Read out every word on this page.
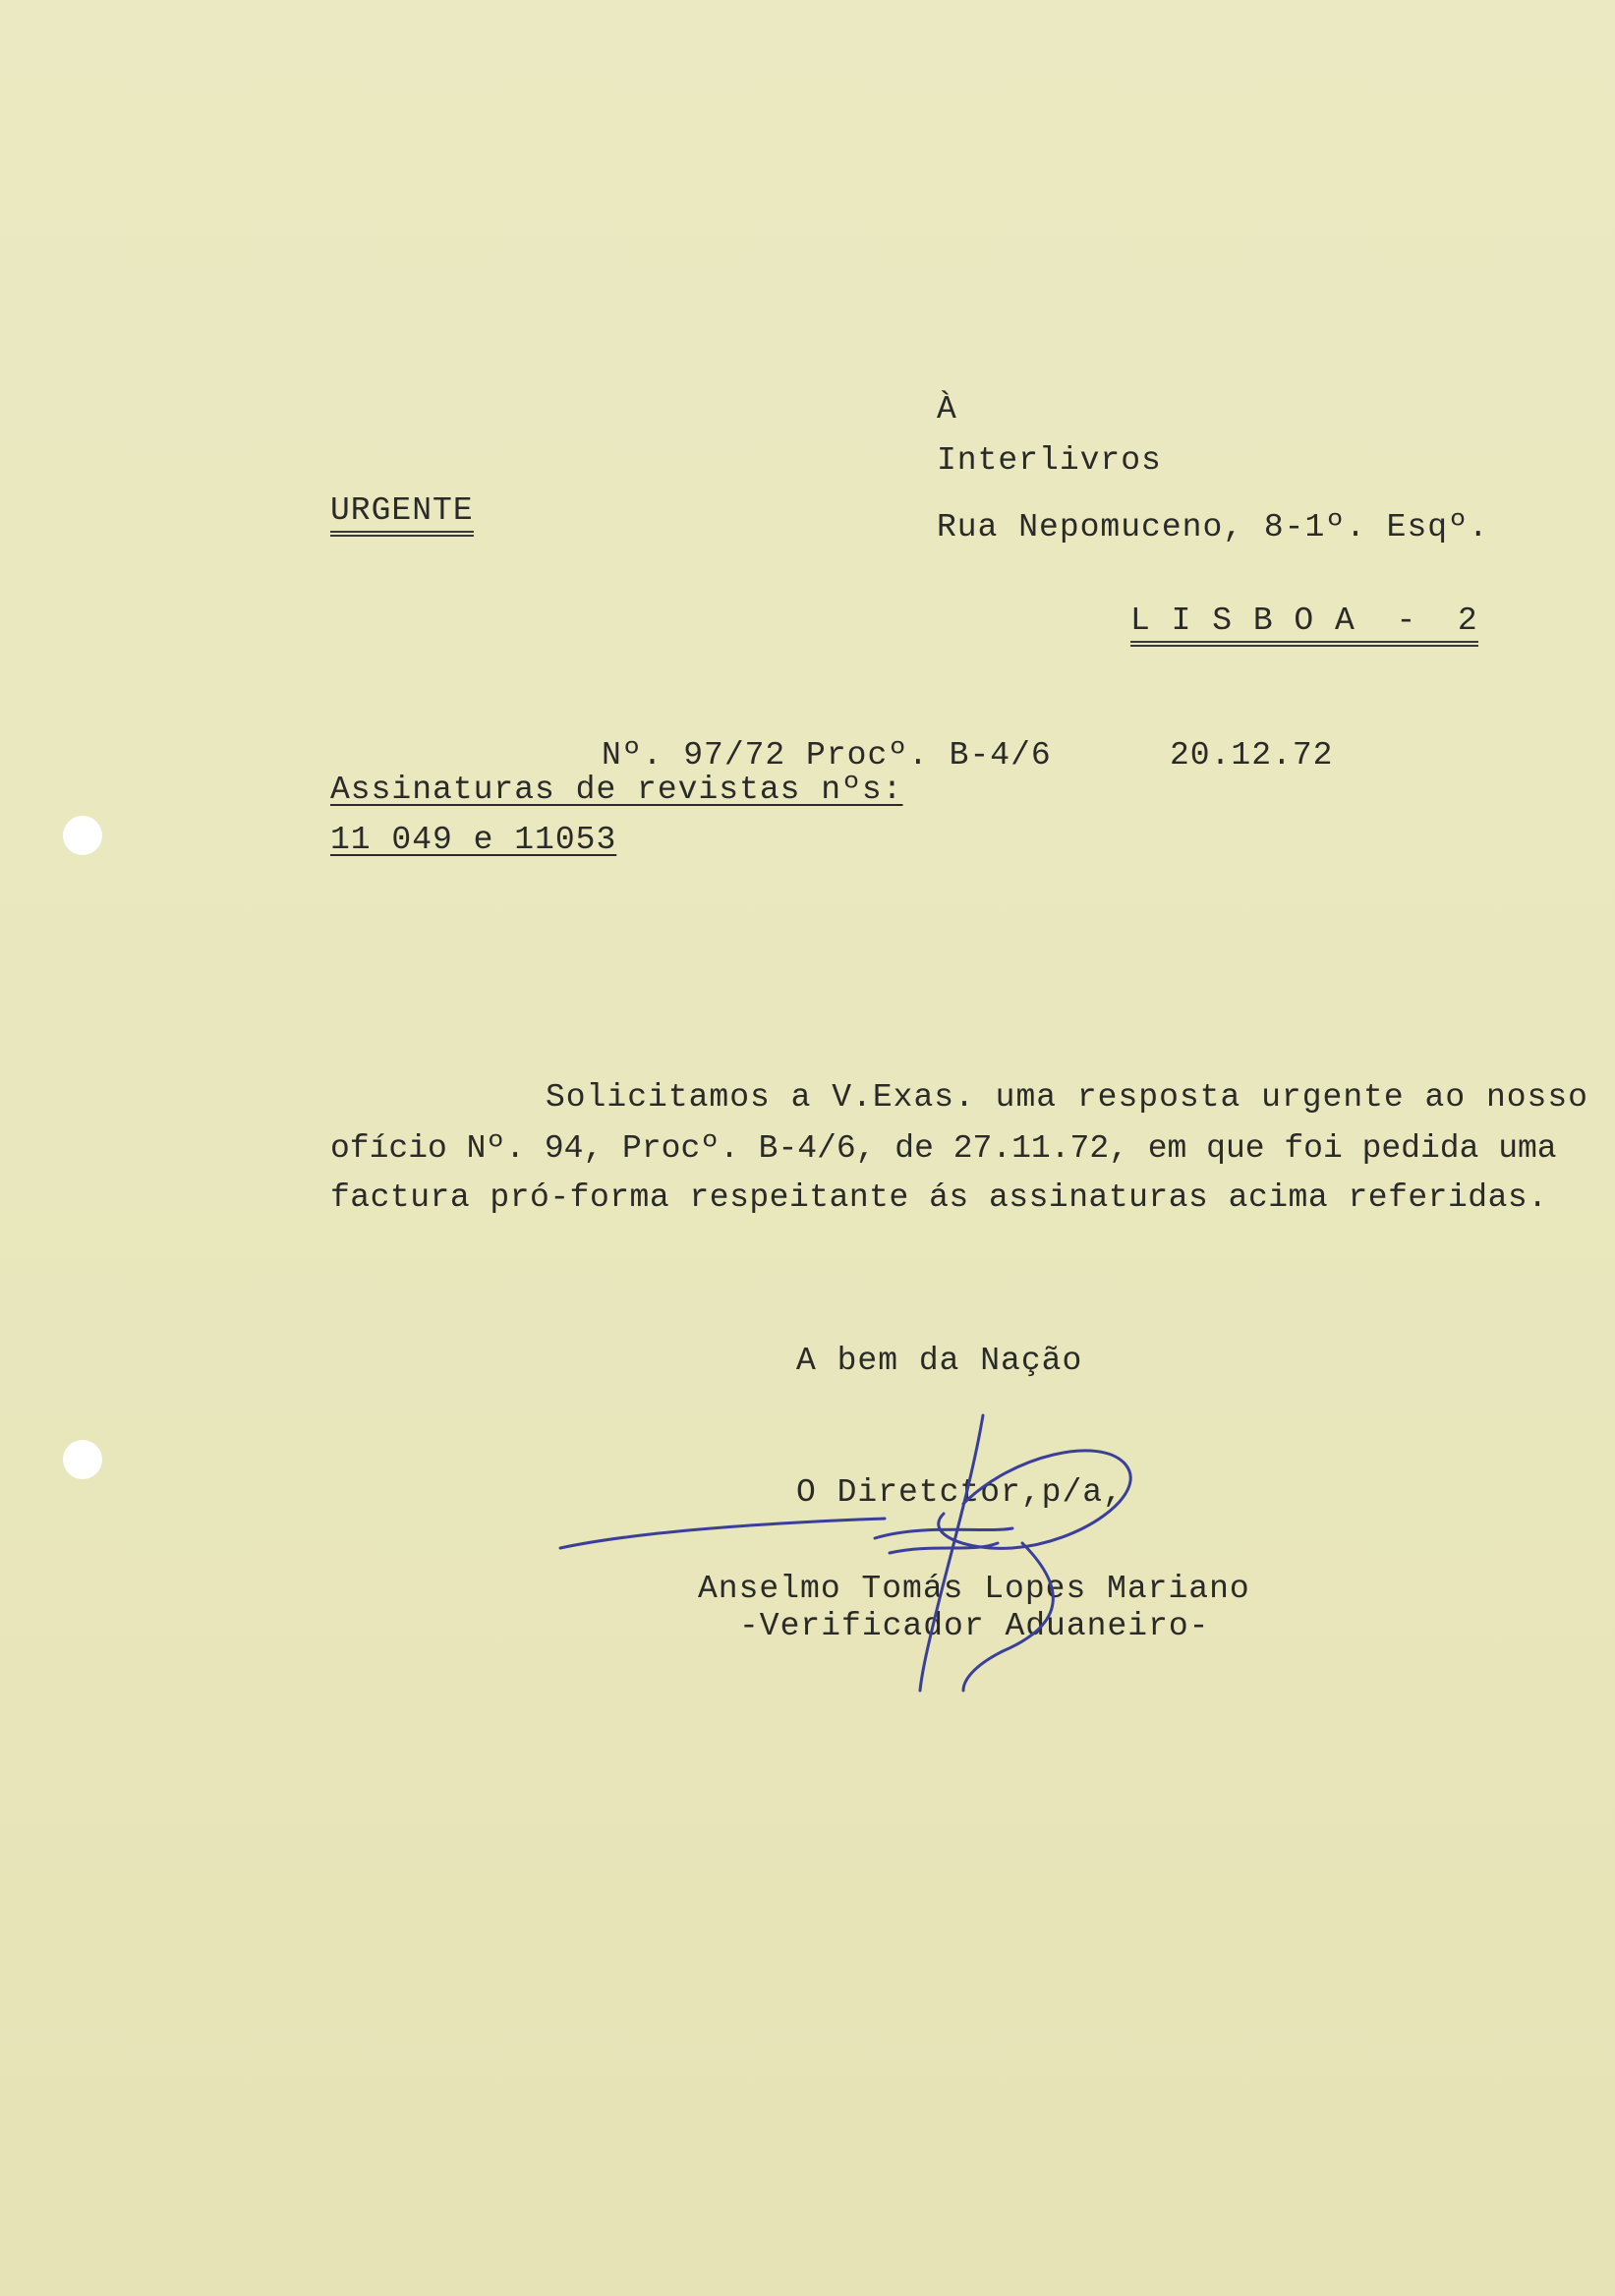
À
Interlivros
Rua Nepomuceno, 8-1º. Esqº.
L I S B O A  -  2
URGENTE
Nº. 97/72 Procº. B-4/6	20.12.72
Assinaturas de revistas nºs:
11 049 e 11053
Solicitamos a V.Exas. uma resposta urgente ao nosso
ofício Nº. 94, Procº. B-4/6, de 27.11.72, em que foi pedida uma
factura pró-forma respeitante ás assinaturas acima referidas.
A bem da Nação
O Diretctor,p/a,
Anselmo Tomás Lopes Mariano
-Verificador Aduaneiro-
